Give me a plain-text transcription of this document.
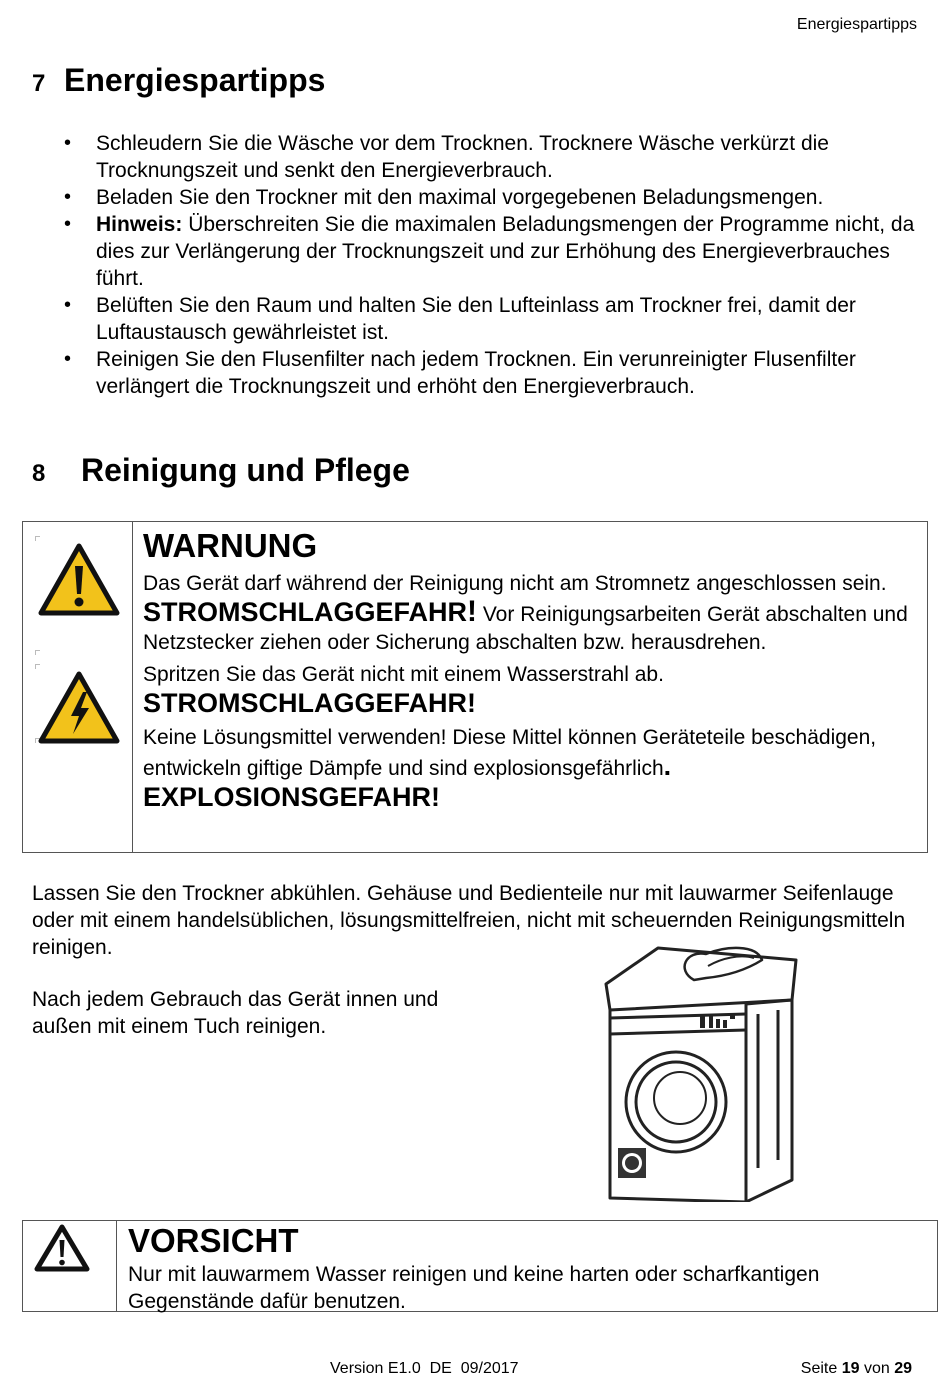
Energiespartipps
7 Energiespartipps
• Schleudern Sie die Wäsche vor dem Trocknen. Trocknere Wäsche verkürzt die Trocknungszeit und senkt den Energieverbrauch.
• Beladen Sie den Trockner mit den maximal vorgegebenen Beladungsmengen.
• Hinweis: Überschreiten Sie die maximalen Beladungsmengen der Programme nicht, da dies zur Verlängerung der Trocknungszeit und zur Erhöhung des Energieverbrauches führt.
• Belüften Sie den Raum und halten Sie den Lufteinlass am Trockner frei, damit der Luftaustausch gewährleistet ist.
• Reinigen Sie den Flusenfilter nach jedem Trocknen. Ein verunreinigter Flusenfilter verlängert die Trocknungszeit und erhöht den Energieverbrauch.
8 Reinigung und Pflege
WARNUNG

Das Gerät darf während der Reinigung nicht am Stromnetz angeschlossen sein. STROMSCHLAGGEFAHR! Vor Reinigungsarbeiten Gerät abschalten und Netzstecker ziehen oder Sicherung abschalten bzw. herausdrehen.

Spritzen Sie das Gerät nicht mit einem Wasserstrahl ab. STROMSCHLAGGEFAHR!

Keine Lösungsmittel verwenden! Diese Mittel können Geräteteile beschädigen, entwickeln giftige Dämpfe und sind explosionsgefährlich. EXPLOSIONSGEFAHR!

Lassen Sie den Trockner abkühlen. Gehäuse und Bedienteile nur mit lauwarmer Seifenlauge oder mit einem handelsüblichen, lösungsmittelfreien, nicht mit scheuernden Reinigungsmitteln reinigen.

Nach jedem Gebrauch das Gerät innen und außen mit einem Tuch reinigen.

VORSICHT

Nur mit lauwarmem Wasser reinigen und keine harten oder scharfkantigen Gegenstände dafür benutzen.

Version E1.0  DE  09/2017	Seite 19 von 29
